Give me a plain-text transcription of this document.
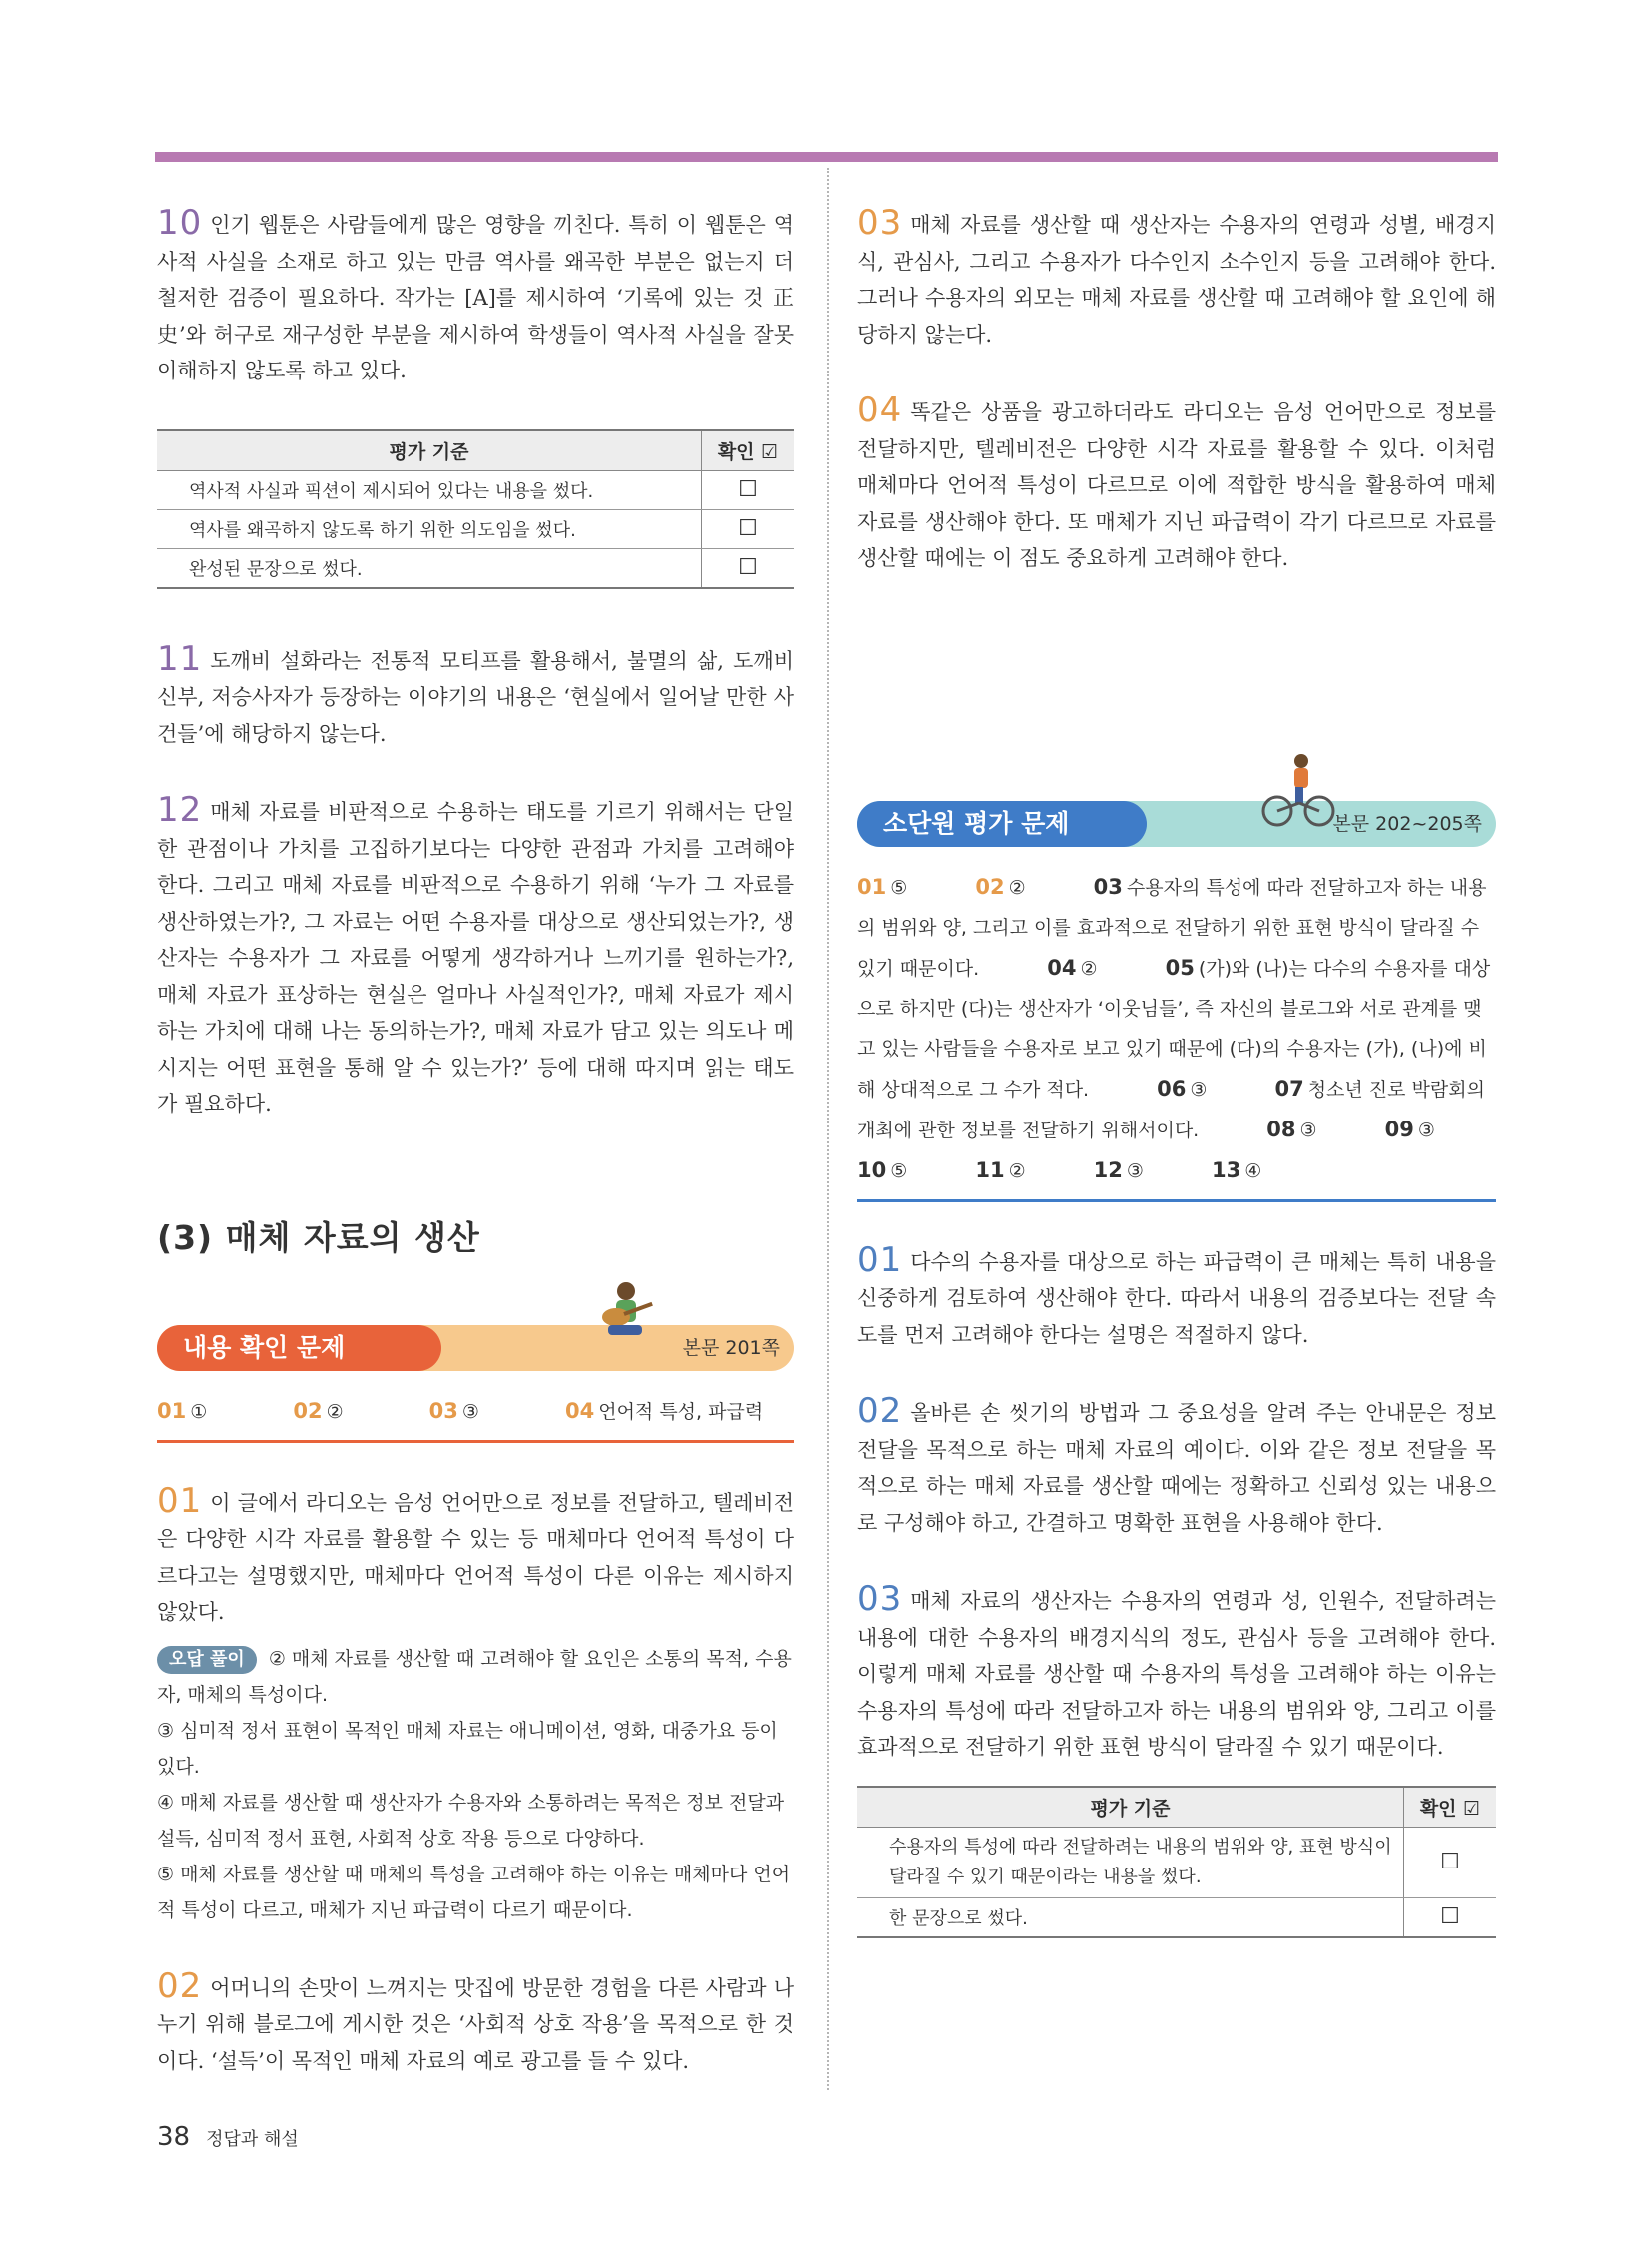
10 인기 웹툰은 사람들에게 많은 영향을 끼친다. 특히 이 웹툰은 역사적 사실을 소재로 하고 있는 만큼 역사를 왜곡한 부분은 없는지 더 철저한 검증이 필요하다. 작가는 [A]를 제시하여 ‘기록에 있는 것 正史’와 허구로 재구성한 부분을 제시하여 학생들이 역사적 사실을 잘못 이해하지 않도록 하고 있다.

평가 기준	확인 ☑
역사적 사실과 픽션이 제시되어 있다는 내용을 썼다.	☐
역사를 왜곡하지 않도록 하기 위한 의도임을 썼다.	☐
완성된 문장으로 썼다.	☐

11 도깨비 설화라는 전통적 모티프를 활용해서, 불멸의 삶, 도깨비 신부, 저승사자가 등장하는 이야기의 내용은 ‘현실에서 일어날 만한 사건들’에 해당하지 않는다.

12 매체 자료를 비판적으로 수용하는 태도를 기르기 위해서는 단일한 관점이나 가치를 고집하기보다는 다양한 관점과 가치를 고려해야 한다. 그리고 매체 자료를 비판적으로 수용하기 위해 ‘누가 그 자료를 생산하였는가?, 그 자료는 어떤 수용자를 대상으로 생산되었는가?, 생산자는 수용자가 그 자료를 어떻게 생각하거나 느끼기를 원하는가?, 매체 자료가 표상하는 현실은 얼마나 사실적인가?, 매체 자료가 제시하는 가치에 대해 나는 동의하는가?, 매체 자료가 담고 있는 의도나 메시지는 어떤 표현을 통해 알 수 있는가?’ 등에 대해 따지며 읽는 태도가 필요하다.

(3) 매체 자료의 생산
내용 확인 문제	본문 201쪽
01 ①	02 ②	03 ③	04 언어적 특성, 파급력

01 이 글에서 라디오는 음성 언어만으로 정보를 전달하고, 텔레비전은 다양한 시각 자료를 활용할 수 있는 등 매체마다 언어적 특성이 다르다고는 설명했지만, 매체마다 언어적 특성이 다른 이유는 제시하지 않았다.

오답 풀이 ② 매체 자료를 생산할 때 고려해야 할 요인은 소통의 목적, 수용자, 매체의 특성이다.
③ 심미적 정서 표현이 목적인 매체 자료는 애니메이션, 영화, 대중가요 등이 있다.
④ 매체 자료를 생산할 때 생산자가 수용자와 소통하려는 목적은 정보 전달과 설득, 심미적 정서 표현, 사회적 상호 작용 등으로 다양하다.
⑤ 매체 자료를 생산할 때 매체의 특성을 고려해야 하는 이유는 매체마다 언어적 특성이 다르고, 매체가 지닌 파급력이 다르기 때문이다.

02 어머니의 손맛이 느껴지는 맛집에 방문한 경험을 다른 사람과 나누기 위해 블로그에 게시한 것은 ‘사회적 상호 작용’을 목적으로 한 것이다. ‘설득’이 목적인 매체 자료의 예로 광고를 들 수 있다.

03 매체 자료를 생산할 때 생산자는 수용자의 연령과 성별, 배경지식, 관심사, 그리고 수용자가 다수인지 소수인지 등을 고려해야 한다. 그러나 수용자의 외모는 매체 자료를 생산할 때 고려해야 할 요인에 해당하지 않는다.

04 똑같은 상품을 광고하더라도 라디오는 음성 언어만으로 정보를 전달하지만, 텔레비전은 다양한 시각 자료를 활용할 수 있다. 이처럼 매체마다 언어적 특성이 다르므로 이에 적합한 방식을 활용하여 매체 자료를 생산해야 한다. 또 매체가 지닌 파급력이 각기 다르므로 자료를 생산할 때에는 이 점도 중요하게 고려해야 한다.

소단원 평가 문제	본문 202~205쪽
01 ⑤	02 ②	03 수용자의 특성에 따라 전달하고자 하는 내용의 범위와 양, 그리고 이를 효과적으로 전달하기 위한 표현 방식이 달라질 수 있기 때문이다.	04 ②	05 (가)와 (나)는 다수의 수용자를 대상으로 하지만 (다)는 생산자가 ‘이웃님들’, 즉 자신의 블로그와 서로 관계를 맺고 있는 사람들을 수용자로 보고 있기 때문에 (다)의 수용자는 (가), (나)에 비해 상대적으로 그 수가 적다.	06 ③	07 청소년 진로 박람회의 개최에 관한 정보를 전달하기 위해서이다.	08 ③	09 ③
10 ⑤	11 ②	12 ③	13 ④

01 다수의 수용자를 대상으로 하는 파급력이 큰 매체는 특히 내용을 신중하게 검토하여 생산해야 한다. 따라서 내용의 검증보다는 전달 속도를 먼저 고려해야 한다는 설명은 적절하지 않다.

02 올바른 손 씻기의 방법과 그 중요성을 알려 주는 안내문은 정보 전달을 목적으로 하는 매체 자료의 예이다. 이와 같은 정보 전달을 목적으로 하는 매체 자료를 생산할 때에는 정확하고 신뢰성 있는 내용으로 구성해야 하고, 간결하고 명확한 표현을 사용해야 한다.

03 매체 자료의 생산자는 수용자의 연령과 성, 인원수, 전달하려는 내용에 대한 수용자의 배경지식의 정도, 관심사 등을 고려해야 한다. 이렇게 매체 자료를 생산할 때 수용자의 특성을 고려해야 하는 이유는 수용자의 특성에 따라 전달하고자 하는 내용의 범위와 양, 그리고 이를 효과적으로 전달하기 위한 표현 방식이 달라질 수 있기 때문이다.

평가 기준	확인 ☑
수용자의 특성에 따라 전달하려는 내용의 범위와 양, 표현 방식이 달라질 수 있기 때문이라는 내용을 썼다.	☐
한 문장으로 썼다.	☐
38 정답과 해설
